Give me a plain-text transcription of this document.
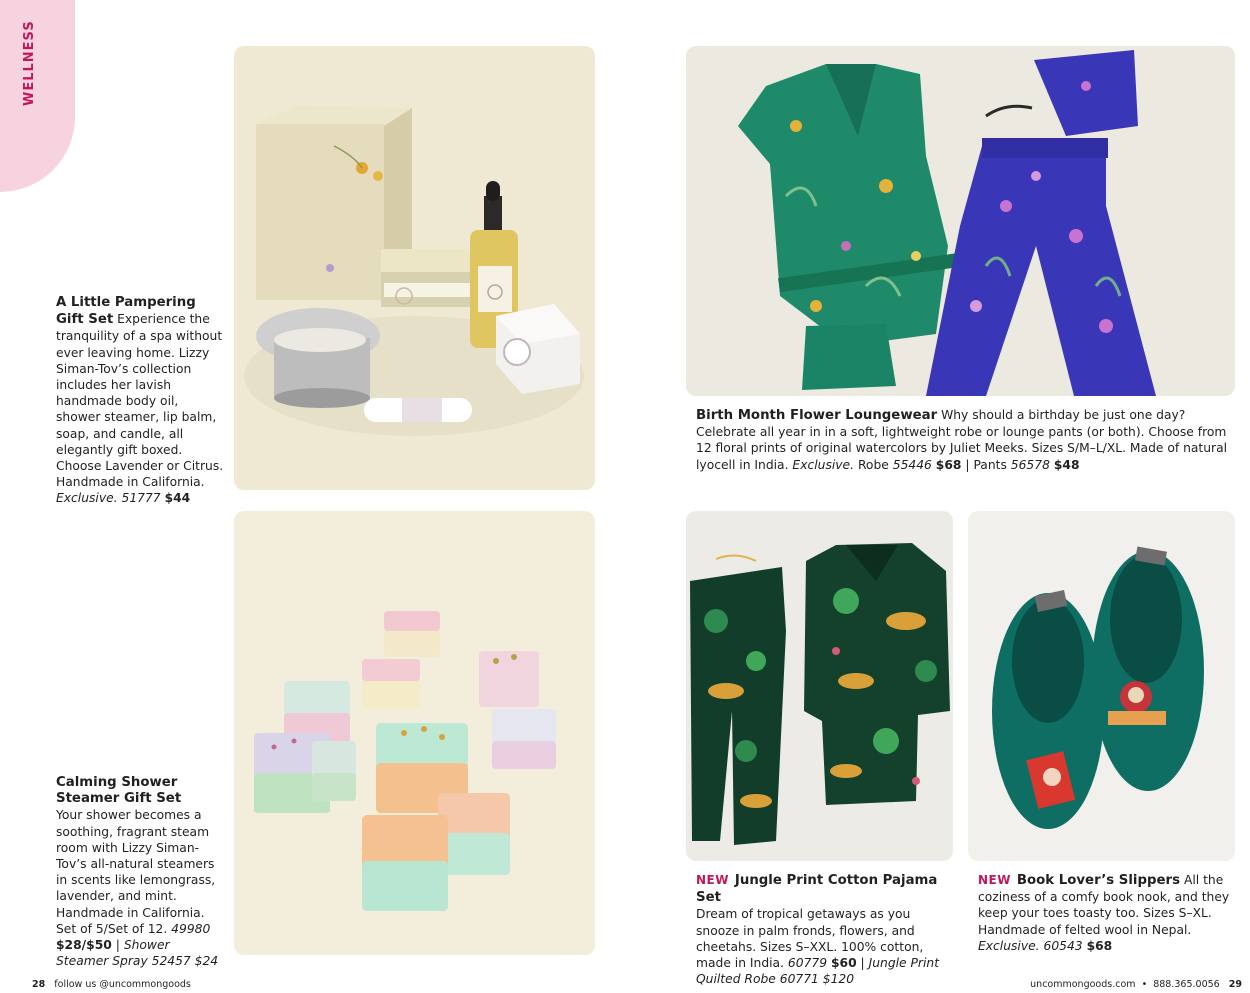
WELLNESS
A Little Pampering Gift Set Experience the tranquility of a spa without ever leaving home. Lizzy Siman-Tov’s collection includes her lavish handmade body oil, shower steamer, lip balm, soap, and candle, all elegantly gift boxed. Choose Lavender or Citrus. Handmade in California. Exclusive. 51777 $44
Calming Shower Steamer Gift Set
Your shower becomes a soothing, fragrant steam room with Lizzy Siman-Tov’s all-natural steamers in scents like lemongrass, lavender, and mint. Handmade in California. Set of 5/Set of 12. 49980 $28/$50 | Shower Steamer Spray 52457 $24
Birth Month Flower Loungewear Why should a birthday be just one day? Celebrate all year in in a soft, lightweight robe or lounge pants (or both). Choose from 12 floral prints of original watercolors by Juliet Meeks. Sizes S/M–L/XL. Made of natural lyocell in India. Exclusive. Robe 55446 $68 | Pants 56578 $48
NEW Jungle Print Cotton Pajama Set
Dream of tropical getaways as you snooze in palm fronds, flowers, and cheetahs. Sizes S–XXL. 100% cotton, made in India. 60779 $60 | Jungle Print Quilted Robe 60771 $120
NEW Book Lover’s Slippers All the coziness of a comfy book nook, and they keep your toes toasty too. Sizes S–XL. Handmade of felted wool in Nepal. Exclusive. 60543 $68
28 follow us @uncommongoods	uncommongoods.com  •  888.365.0056 29
